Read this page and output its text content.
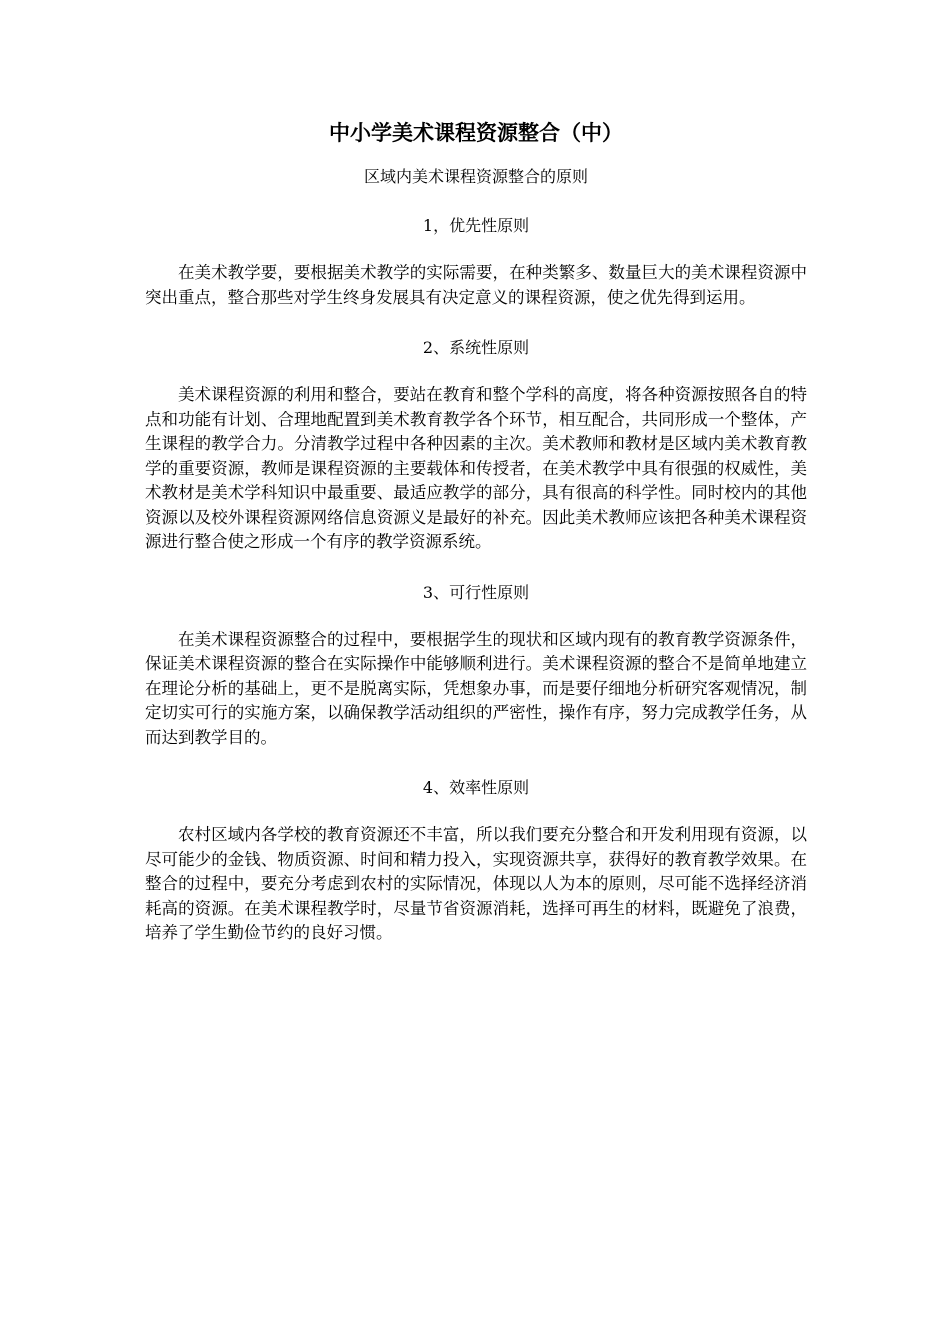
中小学美术课程资源整合（中）

区域内美术课程资源整合的原则

1，优先性原则

在美术教学要，要根据美术教学的实际需要，在种类繁多、数量巨大的美术课程资源中突出重点，整合那些对学生终身发展具有决定意义的课程资源，使之优先得到运用。

2、系统性原则

美术课程资源的利用和整合，要站在教育和整个学科的高度，将各种资源按照各自的特点和功能有计划、合理地配置到美术教育教学各个环节，相互配合，共同形成一个整体，产生课程的教学合力。分清教学过程中各种因素的主次。美术教师和教材是区域内美术教育教学的重要资源，教师是课程资源的主要载体和传授者，在美术教学中具有很强的权威性，美术教材是美术学科知识中最重要、最适应教学的部分，具有很高的科学性。同时校内的其他资源以及校外课程资源网络信息资源义是最好的补充。因此美术教师应该把各种美术课程资源进行整合使之形成一个有序的教学资源系统。

3、可行性原则

在美术课程资源整合的过程中，要根据学生的现状和区域内现有的教育教学资源条件，保证美术课程资源的整合在实际操作中能够顺利进行。美术课程资源的整合不是简单地建立在理论分析的基础上，更不是脱离实际，凭想象办事，而是要仔细地分析研究客观情况，制定切实可行的实施方案，以确保教学活动组织的严密性，操作有序，努力完成教学任务，从而达到教学目的。

4、效率性原则

农村区域内各学校的教育资源还不丰富，所以我们要充分整合和开发利用现有资源，以尽可能少的金钱、物质资源、时间和精力投入，实现资源共享，获得好的教育教学效果。在整合的过程中，要充分考虑到农村的实际情况，体现以人为本的原则，尽可能不选择经济消耗高的资源。在美术课程教学时，尽量节省资源消耗，选择可再生的材料，既避免了浪费，培养了学生勤俭节约的良好习惯。
